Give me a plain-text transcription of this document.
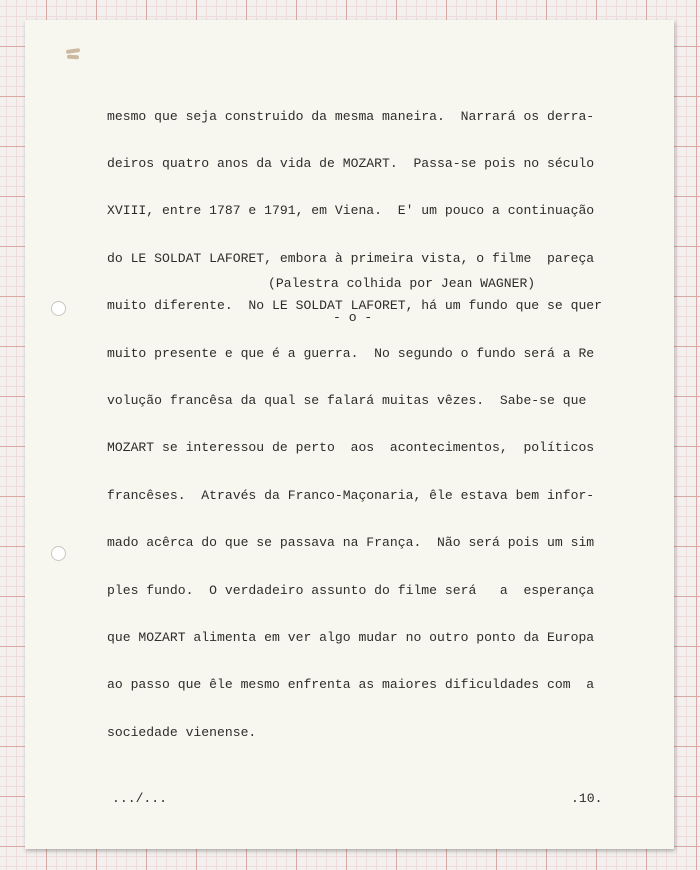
mesmo que seja construido da mesma maneira.  Narrará os derra-

deiros quatro anos da vida de MOZART.  Passa-se pois no século

XVIII, entre 1787 e 1791, em Viena.  E' um pouco a continuação

do LE SOLDAT LAFORET, embora à primeira vista, o filme  pareça

muito diferente.  No LE SOLDAT LAFORET, há um fundo que se quer

muito presente e que é a guerra.  No segundo o fundo será a Re

volução francêsa da qual se falará muitas vêzes.  Sabe-se que

MOZART se interessou de perto  aos  acontecimentos,  políticos

francêses.  Através da Franco-Maçonaria, êle estava bem infor-

mado acêrca do que se passava na França.  Não será pois um sim

ples fundo.  O verdadeiro assunto do filme será   a  esperança

que MOZART alimenta em ver algo mudar no outro ponto da Europa

ao passo que êle mesmo enfrenta as maiores dificuldades com  a

sociedade vienense.

(Palestra colhida por Jean WAGNER)
- o -
.../...	.10.
